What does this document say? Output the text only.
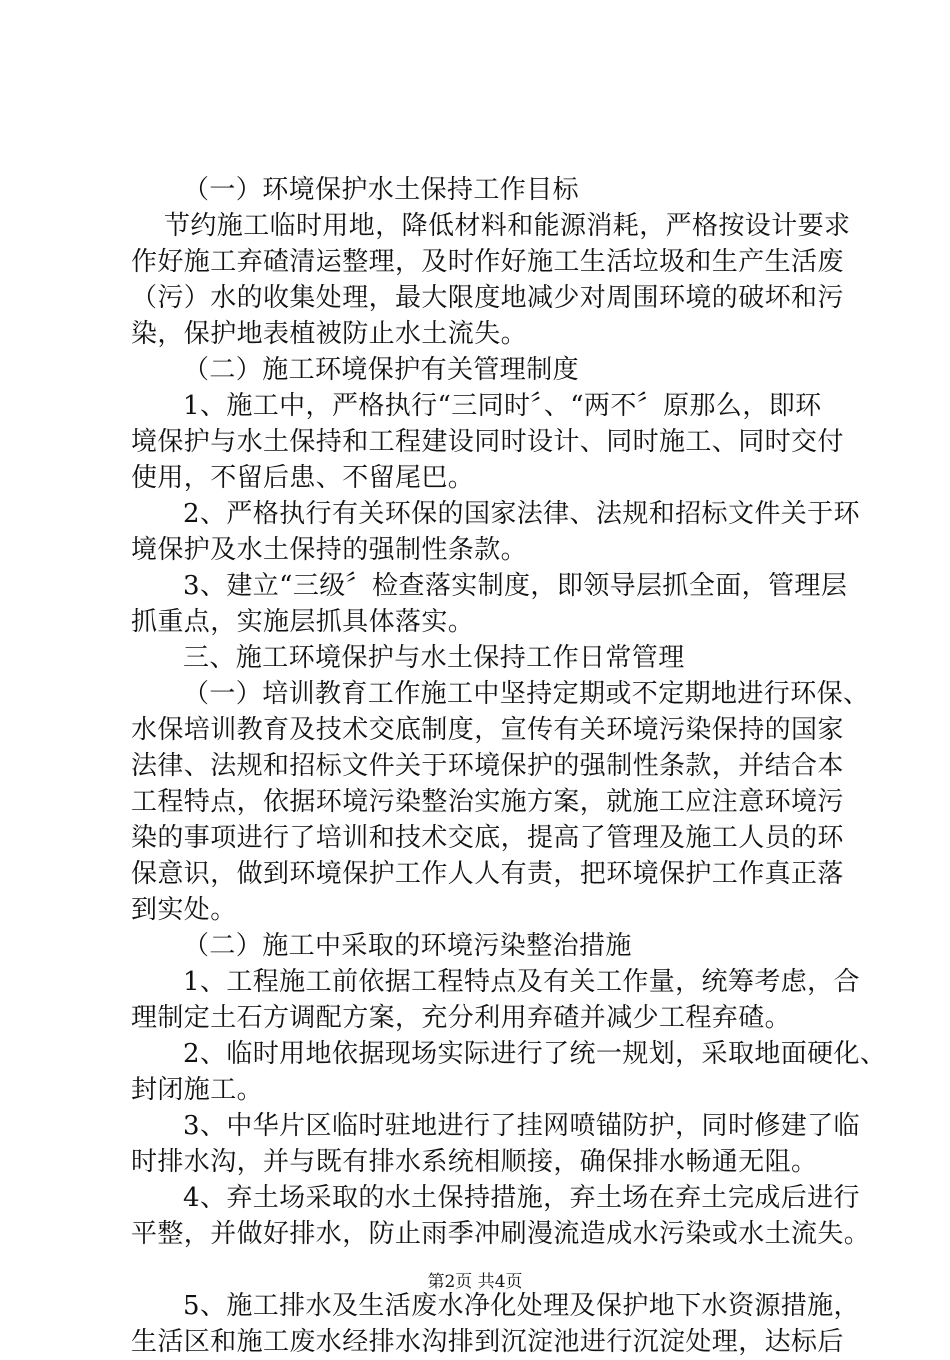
（一）环境保护水土保持工作目标
节约施工临时用地，降低材料和能源消耗，严格按设计要求
作好施工弃碴清运整理，及时作好施工生活垃圾和生产生活废
（污）水的收集处理，最大限度地减少对周围环境的破坏和污
染，保护地表植被防止水土流失。
（二）施工环境保护有关管理制度
1、施工中，严格执行“三同时〞、“两不〞原那么，即环
境保护与水土保持和工程建设同时设计、同时施工、同时交付
使用，不留后患、不留尾巴。
2、严格执行有关环保的国家法律、法规和招标文件关于环
境保护及水土保持的强制性条款。
3、建立“三级〞检查落实制度，即领导层抓全面，管理层
抓重点，实施层抓具体落实。
三、施工环境保护与水土保持工作日常管理
（一）培训教育工作施工中坚持定期或不定期地进行环保、
水保培训教育及技术交底制度，宣传有关环境污染保持的国家
法律、法规和招标文件关于环境保护的强制性条款，并结合本
工程特点，依据环境污染整治实施方案，就施工应注意环境污
染的事项进行了培训和技术交底，提高了管理及施工人员的环
保意识，做到环境保护工作人人有责，把环境保护工作真正落
到实处。
（二）施工中采取的环境污染整治措施
1、工程施工前依据工程特点及有关工作量，统筹考虑，合
理制定土石方调配方案，充分利用弃碴并减少工程弃碴。
2、临时用地依据现场实际进行了统一规划，采取地面硬化、
封闭施工。
3、中华片区临时驻地进行了挂网喷锚防护，同时修建了临
时排水沟，并与既有排水系统相顺接，确保排水畅通无阻。
4、弃土场采取的水土保持措施，弃土场在弃土完成后进行
平整，并做好排水，防止雨季冲刷漫流造成水污染或水土流失。
5、施工排水及生活废水净化处理及保护地下水资源措施，
生活区和施工废水经排水沟排到沉淀池进行沉淀处理，达标后
第2页 共4页
